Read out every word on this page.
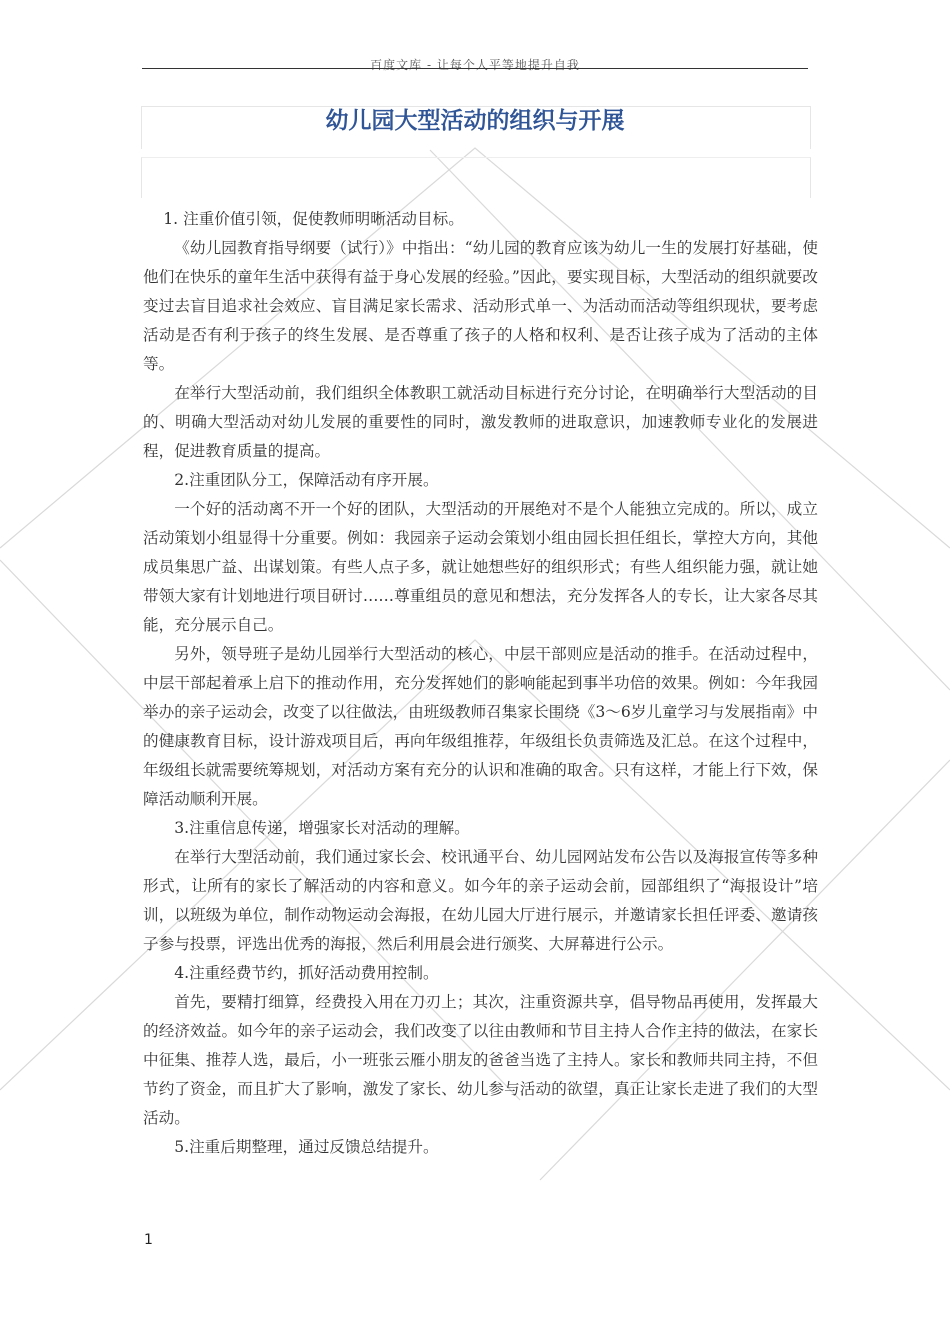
百度文库 - 让每个人平等地提升自我
幼儿园大型活动的组织与开展

1. 注重价值引领，促使教师明晰活动目标。

《幼儿园教育指导纲要（试行）》中指出：“幼儿园的教育应该为幼儿一生的发展打好基础，使他们在快乐的童年生活中获得有益于身心发展的经验。”因此，要实现目标，大型活动的组织就要改变过去盲目追求社会效应、盲目满足家长需求、活动形式单一、为活动而活动等组织现状，要考虑活动是否有利于孩子的终生发展、是否尊重了孩子的人格和权利、是否让孩子成为了活动的主体等。

在举行大型活动前，我们组织全体教职工就活动目标进行充分讨论，在明确举行大型活动的目的、明确大型活动对幼儿发展的重要性的同时，激发教师的进取意识，加速教师专业化的发展进程，促进教育质量的提高。

2.注重团队分工，保障活动有序开展。

一个好的活动离不开一个好的团队，大型活动的开展绝对不是个人能独立完成的。所以，成立活动策划小组显得十分重要。例如：我园亲子运动会策划小组由园长担任组长，掌控大方向，其他成员集思广益、出谋划策。有些人点子多，就让她想些好的组织形式；有些人组织能力强，就让她带领大家有计划地进行项目研讨……尊重组员的意见和想法，充分发挥各人的专长，让大家各尽其能，充分展示自己。

另外，领导班子是幼儿园举行大型活动的核心，中层干部则应是活动的推手。在活动过程中，中层干部起着承上启下的推动作用，充分发挥她们的影响能起到事半功倍的效果。例如：今年我园举办的亲子运动会，改变了以往做法，由班级教师召集家长围绕《3～6岁儿童学习与发展指南》中的健康教育目标，设计游戏项目后，再向年级组推荐，年级组长负责筛选及汇总。在这个过程中，年级组长就需要统筹规划，对活动方案有充分的认识和准确的取舍。只有这样，才能上行下效，保障活动顺利开展。

3.注重信息传递，增强家长对活动的理解。

在举行大型活动前，我们通过家长会、校讯通平台、幼儿园网站发布公告以及海报宣传等多种形式，让所有的家长了解活动的内容和意义。如今年的亲子运动会前，园部组织了“海报设计”培训，以班级为单位，制作动物运动会海报，在幼儿园大厅进行展示，并邀请家长担任评委、邀请孩子参与投票，评选出优秀的海报，然后利用晨会进行颁奖、大屏幕进行公示。

4.注重经费节约，抓好活动费用控制。

首先，要精打细算，经费投入用在刀刃上；其次，注重资源共享，倡导物品再使用，发挥最大的经济效益。如今年的亲子运动会，我们改变了以往由教师和节目主持人合作主持的做法，在家长中征集、推荐人选，最后，小一班张云雁小朋友的爸爸当选了主持人。家长和教师共同主持，不但节约了资金，而且扩大了影响，激发了家长、幼儿参与活动的欲望，真正让家长走进了我们的大型活动。

5.注重后期整理，通过反馈总结提升。

1
